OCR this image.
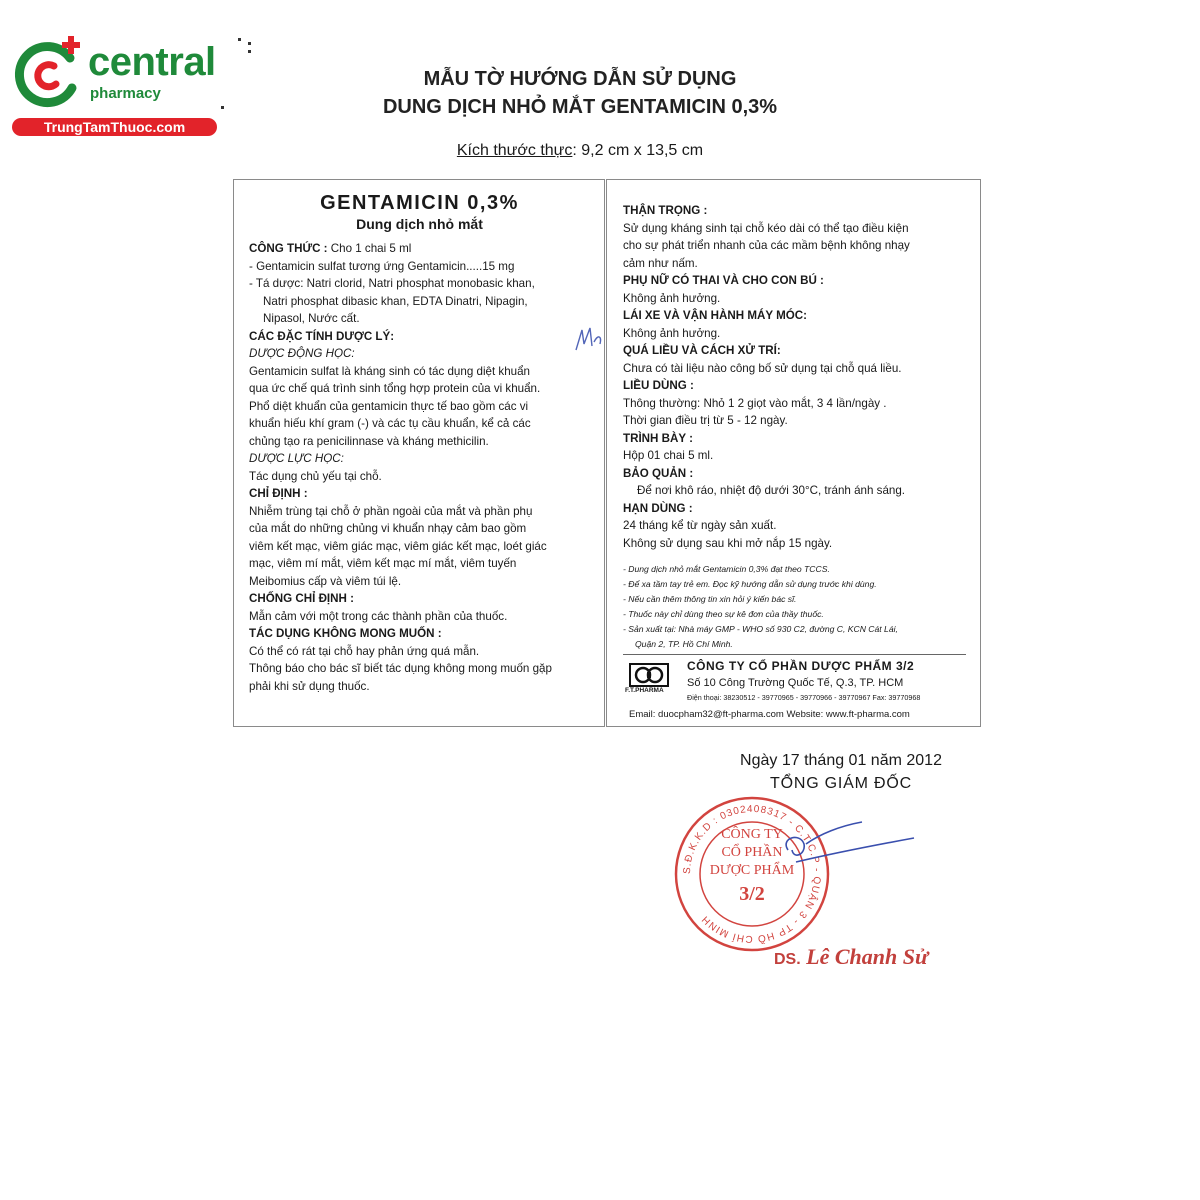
central
pharmacy
TrungTamThuoc.com
MẪU TỜ HƯỚNG DẪN SỬ DỤNG
DUNG DỊCH NHỎ MẮT GENTAMICIN 0,3%
Kích thước thực: 9,2 cm x 13,5 cm
GENTAMICIN 0,3%
Dung dịch nhỏ mắt
CÔNG THỨC : Cho 1 chai 5 ml
- Gentamicin sulfat tương ứng Gentamicin.....15 mg
- Tá dược: Natri clorid, Natri phosphat monobasic khan,
Natri phosphat dibasic khan, EDTA Dinatri, Nipagin,
Nipasol, Nước cất.
CÁC ĐẶC TÍNH DƯỢC LÝ:
DƯỢC ĐỘNG HỌC:
Gentamicin sulfat là kháng sinh có tác dụng diệt khuẩn
qua ức chế quá trình sinh tổng hợp protein của vi khuẩn.
Phổ diệt khuẩn của gentamicin thực tế bao gồm các vi
khuẩn hiếu khí gram (-) và các tụ cầu khuẩn, kể cả các
chủng tạo ra penicilinnase và kháng methicilin.
DƯỢC LỰC HỌC:
Tác dụng chủ yếu tại chỗ.
CHỈ ĐỊNH :
Nhiễm trùng tại chỗ ở phần ngoài của mắt và phần phụ
của mắt do những chủng vi khuẩn nhạy cảm bao gồm
viêm kết mạc, viêm giác mạc, viêm giác kết mạc, loét giác
mạc, viêm mí mắt, viêm kết mạc mí mắt, viêm tuyến
Meibomius cấp và viêm túi lệ.
CHỐNG CHỈ ĐỊNH :
Mẫn cảm với một trong các thành phần của thuốc.
TÁC DỤNG KHÔNG MONG MUỐN :
Có thể có rát tại chỗ hay phản ứng quá mẫn.
Thông báo cho bác sĩ biết tác dụng không mong muốn gặp
phải khi sử dụng thuốc.
THẬN TRỌNG :
Sử dụng kháng sinh tại chỗ kéo dài có thể tạo điều kiện
cho sự phát triển nhanh của các mầm bệnh không nhạy
cảm như nấm.
PHỤ NỮ CÓ THAI VÀ CHO CON BÚ :
Không ảnh hưởng.
LÁI XE VÀ VẬN HÀNH MÁY MÓC:
Không ảnh hưởng.
QUÁ LIỀU VÀ CÁCH XỬ TRÍ:
Chưa có tài liệu nào công bố sử dụng tại chỗ quá liều.
LIỀU DÙNG :
Thông thường: Nhỏ 1 2 giọt vào mắt, 3 4 lần/ngày .
Thời gian điều trị từ 5 - 12 ngày.
TRÌNH BÀY :
Hộp 01 chai 5 ml.
BẢO QUẢN :
Để nơi khô ráo, nhiệt độ dưới 30°C, tránh ánh sáng.
HẠN DÙNG :
24 tháng kể từ ngày sản xuất.
Không sử dụng sau khi mở nắp 15 ngày.
- Dung dịch nhỏ mắt Gentamicin 0,3% đạt theo TCCS.
- Để xa tầm tay trẻ em. Đọc kỹ hướng dẫn sử dụng trước khi dùng.
- Nếu cần thêm thông tin xin hỏi ý kiến bác sĩ.
- Thuốc này chỉ dùng theo sự kê đơn của thầy thuốc.
- Sản xuất tại: Nhà máy GMP - WHO số 930 C2, đường C, KCN Cát Lái,
Quận 2, TP. Hồ Chí Minh.
F.T.PHARMA
CÔNG TY CỔ PHẦN DƯỢC PHẨM 3/2
Số 10 Công Trường Quốc Tế, Q.3, TP. HCM
Điện thoại: 38230512 - 39770965 - 39770966 - 39770967 Fax: 39770968
Email: duocpham32@ft-pharma.com Website: www.ft-pharma.com
Ngày 17 tháng 01 năm 2012
TỔNG GIÁM ĐỐC
S.Đ.K.K.D : 0302408317 - C.T.C.P - QUẬN 3 - TP HỒ CHÍ MINH
CÔNG TY
CỔ PHẦN
DƯỢC PHẨM
3/2
DS. Lê Chanh Sử
